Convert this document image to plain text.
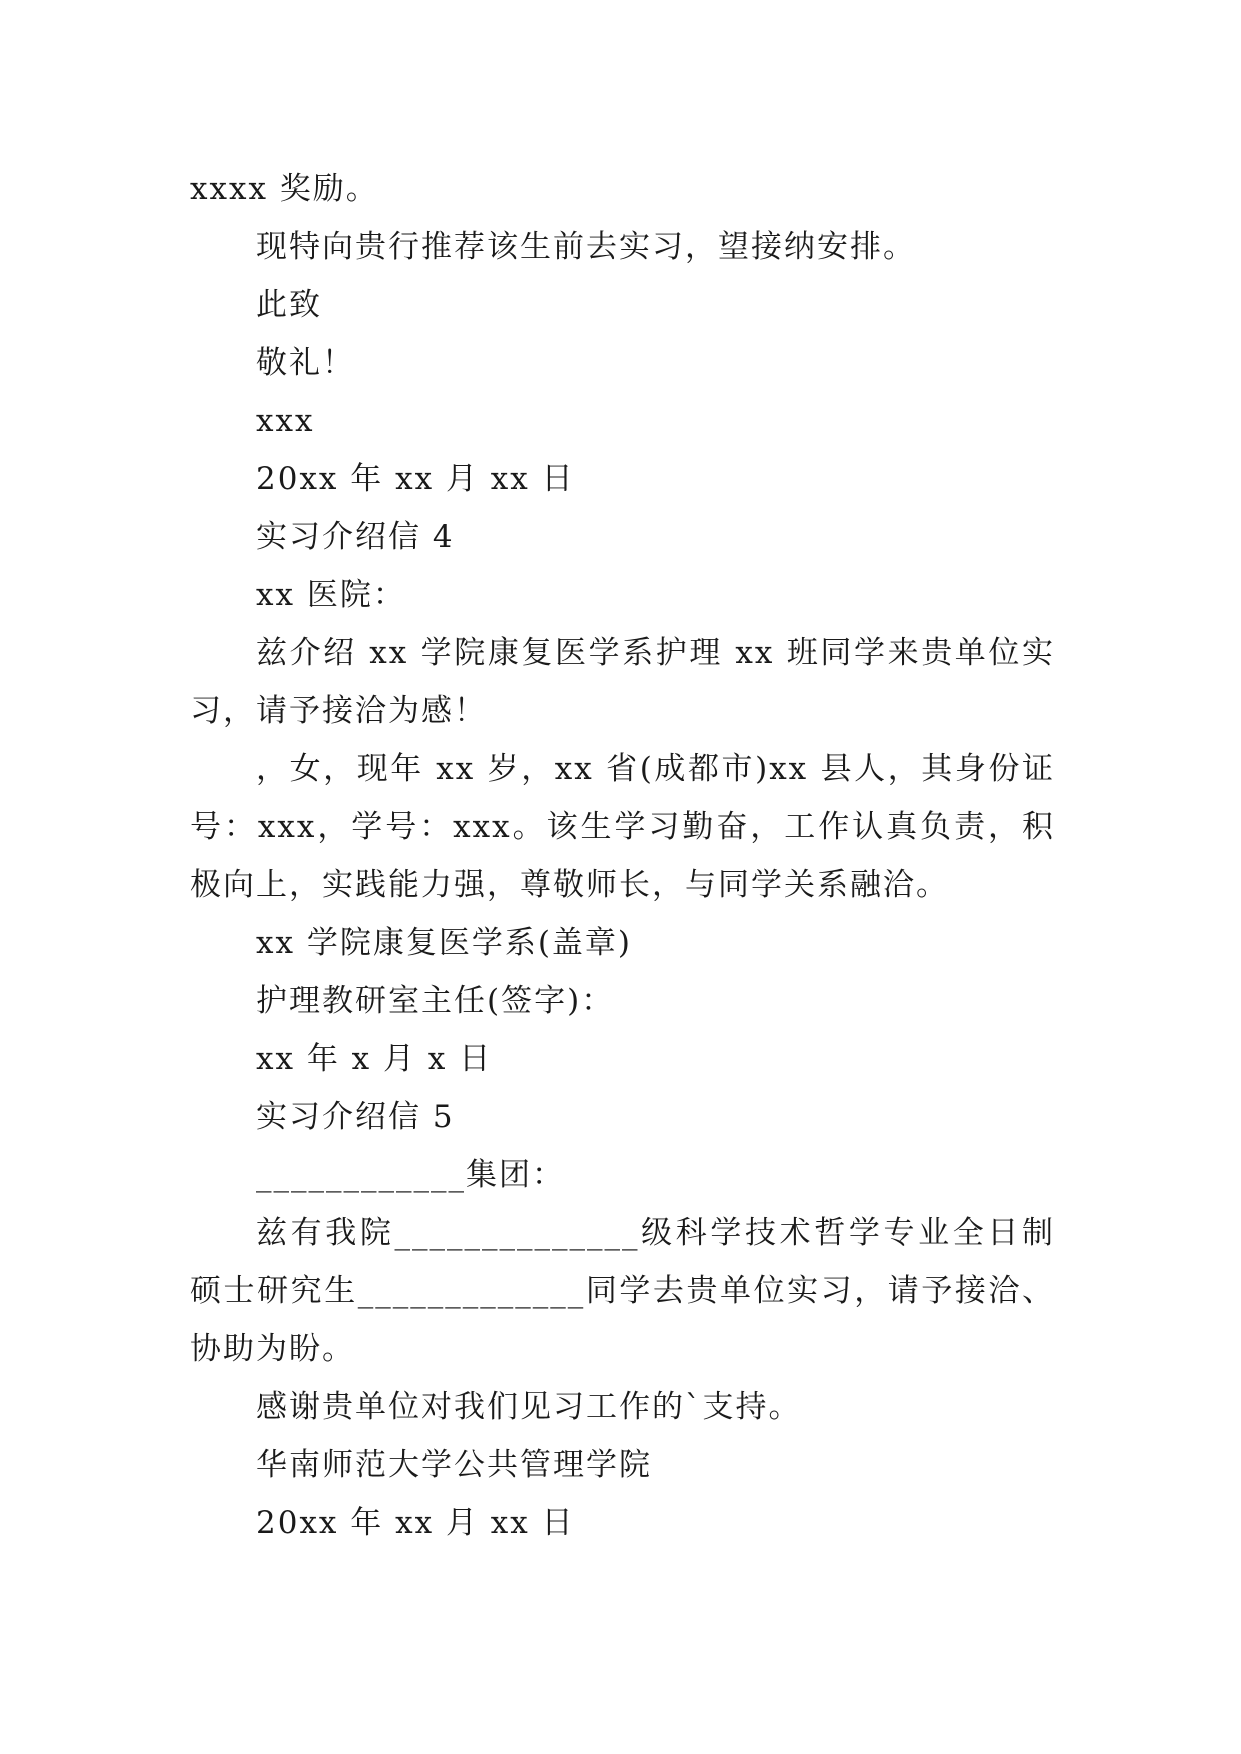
xxxx 奖励。

现特向贵行推荐该生前去实习，望接纳安排。

此致

敬礼！

xxx

20xx 年 xx 月 xx 日

实习介绍信 4

xx 医院：

兹介绍 xx 学院康复医学系护理 xx 班同学来贵单位实习，请予接洽为感！

，女，现年 xx 岁，xx 省(成都市)xx 县人，其身份证号：xxx，学号：xxx。该生学习勤奋，工作认真负责，积极向上，实践能力强，尊敬师长，与同学关系融洽。

xx 学院康复医学系(盖章)

护理教研室主任(签字)：

xx 年 x 月 x 日

实习介绍信 5

____________集团：

兹有我院______________级科学技术哲学专业全日制硕士研究生_____________同学去贵单位实习，请予接洽、协助为盼。

感谢贵单位对我们见习工作的`支持。

华南师范大学公共管理学院

20xx 年 xx 月 xx 日
